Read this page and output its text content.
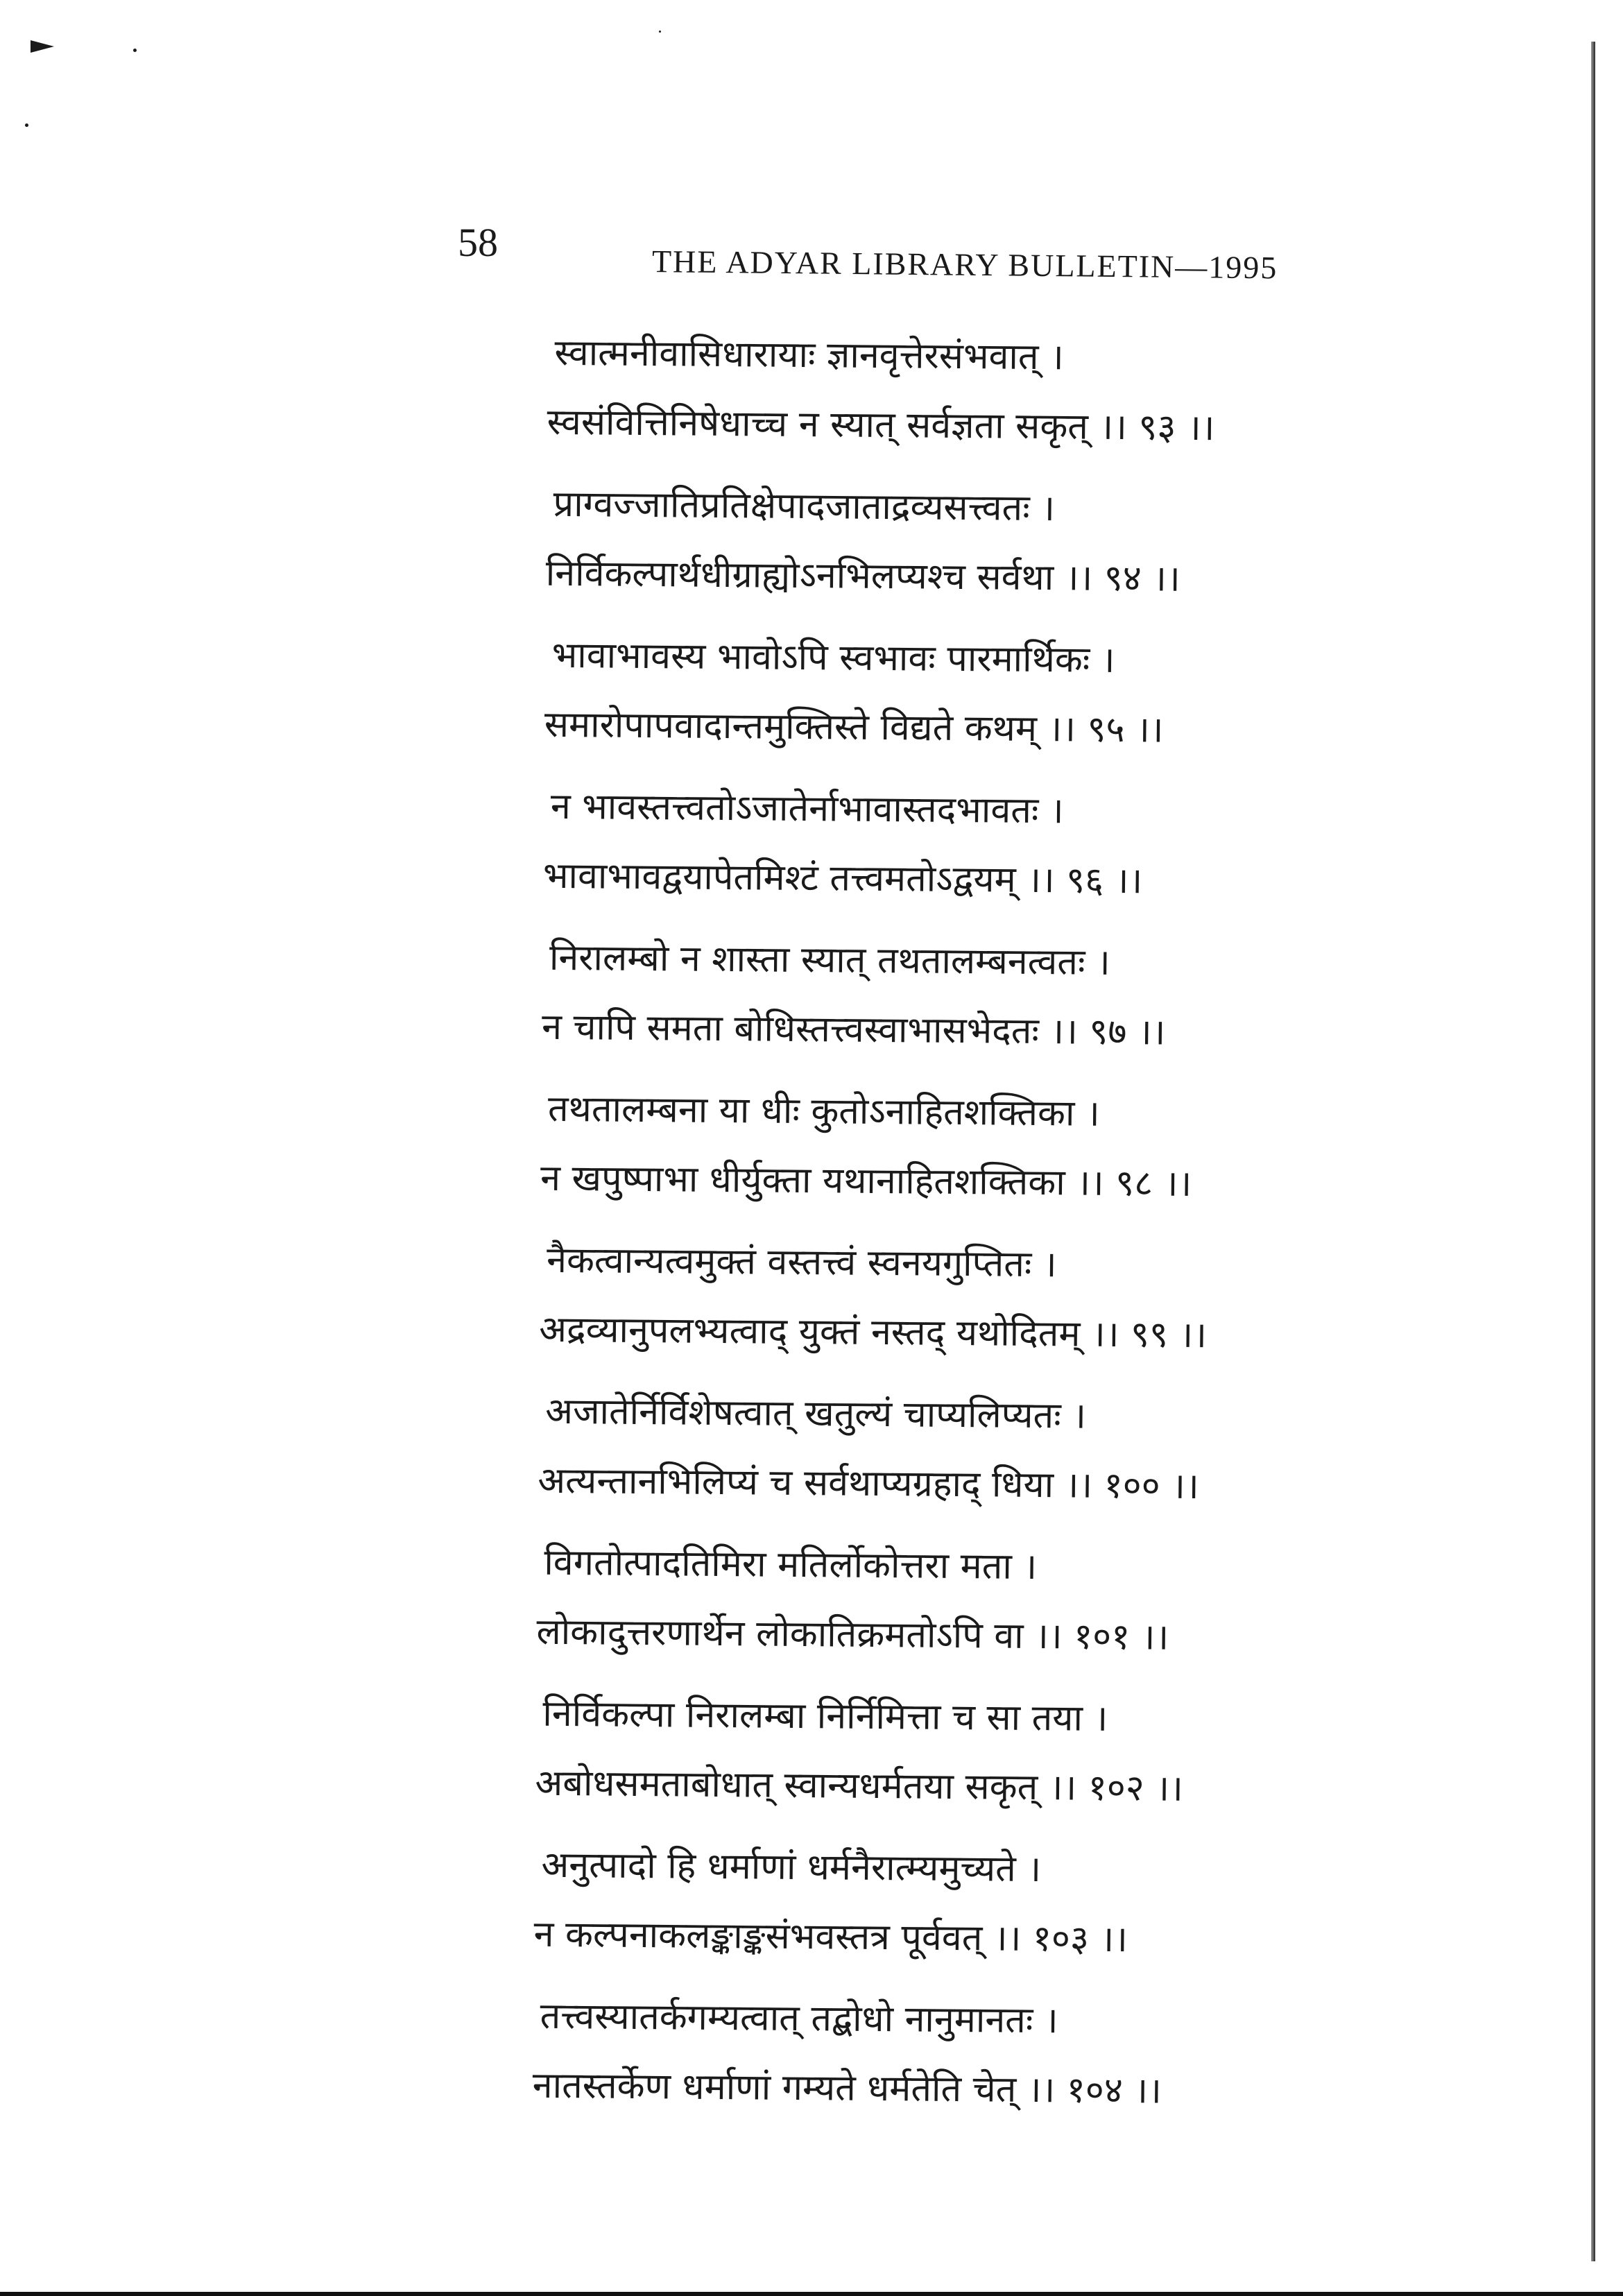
58	THE ADYAR LIBRARY BULLETIN—1995
स्वात्मनीवासिधारायाः ज्ञानवृत्तेरसंभवात् ।
स्वसंवित्तिनिषेधाच्च न स्यात् सर्वज्ञता सकृत् ।। ९३ ।।
प्राग्वज्जातिप्रतिक्षेपादजाताद्रव्यसत्त्वतः ।
निर्विकल्पार्थधीग्राह्योऽनभिलप्यश्च सर्वथा ।। ९४ ।।
भावाभावस्य भावोऽपि स्वभावः पारमार्थिकः ।
समारोपापवादान्तमुक्तिस्ते विद्यते कथम् ।। ९५ ।।
न भावस्तत्त्वतोऽजातेर्नाभावास्तदभावतः ।
भावाभावद्वयापेतमिश्टं तत्त्वमतोऽद्वयम् ।। ९६ ।।
निरालम्बो न शास्ता स्यात् तथतालम्बनत्वतः ।
न चापि समता बोधिस्तत्त्वस्वाभासभेदतः ।। ९७ ।।
तथतालम्बना या धीः कुतोऽनाहितशक्तिका ।
न खपुष्पाभा धीर्युक्ता यथानाहितशक्तिका ।। ९८ ।।
नैकत्वान्यत्वमुक्तं वस्तत्त्वं स्वनयगुप्तितः ।
अद्रव्यानुपलभ्यत्वाद् युक्तं नस्तद् यथोदितम् ।। ९९ ।।
अजातेर्निर्विशेषत्वात् खतुल्यं चाप्यलिप्यतः ।
अत्यन्तानभिलिप्यं च सर्वथाप्यग्रहाद् धिया ।। १०० ।।
विगतोत्पादतिमिरा मतिर्लोकोत्तरा मता ।
लोकादुत्तरणार्थेन लोकातिक्रमतोऽपि वा ।। १०१ ।।
निर्विकल्पा निरालम्बा निर्निमित्ता च सा तया ।
अबोधसमताबोधात् स्वान्यधर्मतया सकृत् ।। १०२ ।।
अनुत्पादो हि धर्माणां धर्मनैरात्म्यमुच्यते ।
न कल्पनाकलङ्काङ्कसंभवस्तत्र पूर्ववत् ।। १०३ ।।
तत्त्वस्यातर्कगम्यत्वात् तद्बोधो नानुमानतः ।
नातस्तर्केण धर्माणां गम्यते धर्मतेति चेत् ।। १०४ ।।
